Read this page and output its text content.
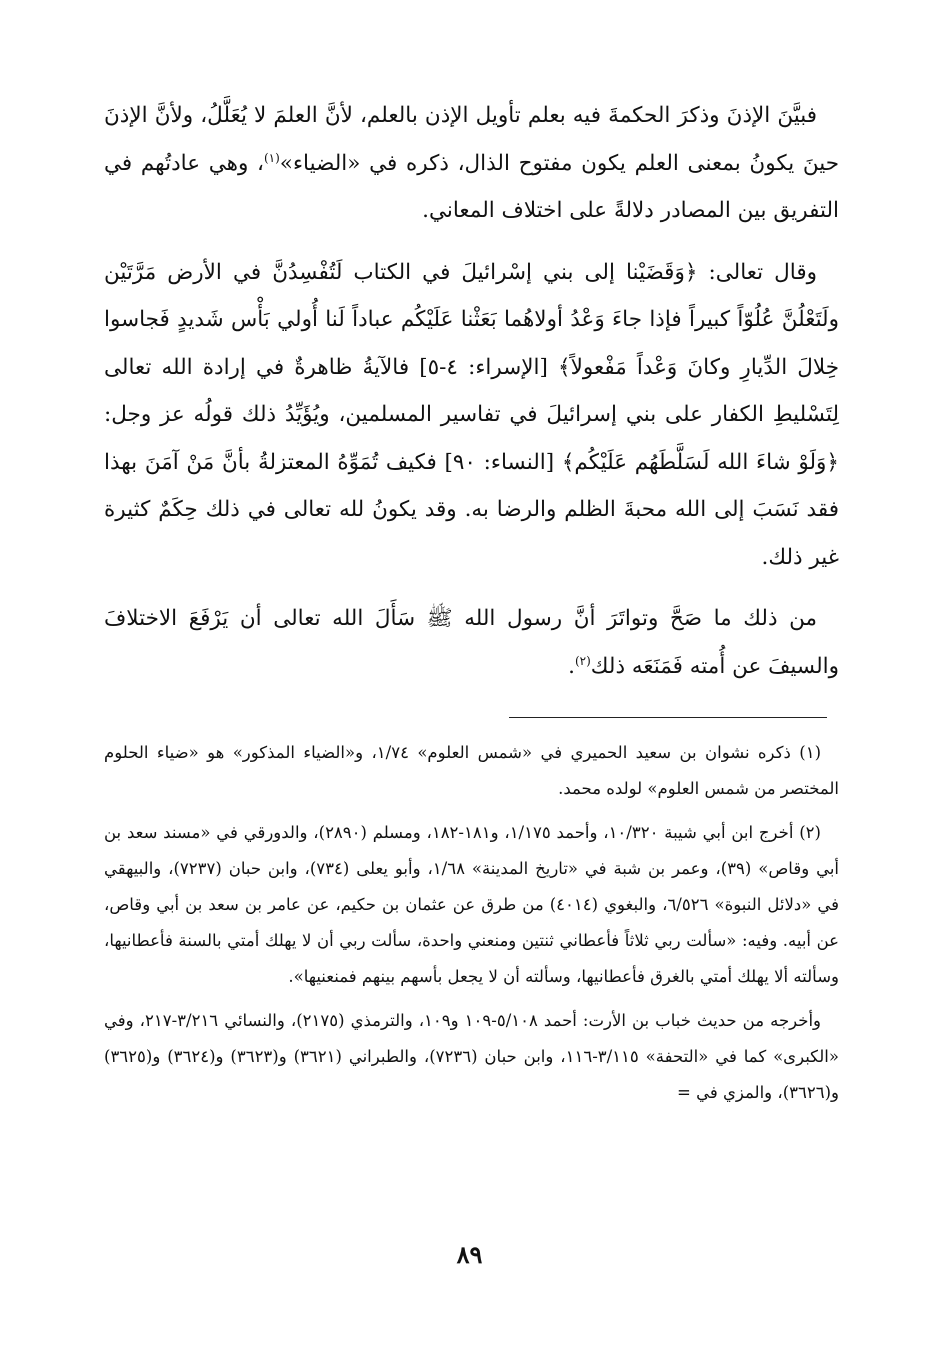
فبيَّنَ الإذنَ وذكرَ الحكمةَ فيه بعلم تأويل الإذن بالعلم، لأنَّ العلمَ لا يُعَلَّلُ، ولأنَّ الإذنَ حينَ يكونُ بمعنى العلم يكون مفتوح الذال، ذكره في «الضياء»$^{(١)}$، وهي عادتُهم في التفريق بين المصادر دلالةً على اختلاف المعاني.

وقال تعالى: ﴿وَقَضَيْنا إلى بني إسْرائيلَ في الكتاب لَتُفْسِدُنَّ في الأرض مَرَّتَيْن ولَتَعْلُنَّ عُلُوّاً كبيراً فإذا جاءَ وَعْدُ أولاهُما بَعَثْنا عَلَيْكُم عباداً لَنا أُولي بَأْس شَديدٍ فَجاسوا خِلالَ الدِّيارِ وكانَ وَعْداً مَفْعولاً﴾ [الإسراء: ٤-٥] فالآيةُ ظاهرةٌ في إرادة الله تعالى لِتَسْليطِ الكفار على بني إسرائيلَ في تفاسير المسلمين، ويُؤَيِّدُ ذلك قولُه عز وجل: ﴿وَلَوْ شاءَ الله لَسَلَّطَهُم عَلَيْكُم﴾ [النساء: ٩٠] فكيف تُمَوِّهُ المعتزلةُ بأنَّ مَنْ آمَنَ بهذا فقد نَسَبَ إلى الله محبةَ الظلم والرضا به. وقد يكونُ لله تعالى في ذلك حِكَمٌ كثيرة غير ذلك.

من ذلك ما صَحَّ وتواتَرَ أنَّ رسول الله ﷺ سَأَلَ الله تعالى أن يَرْفَعَ الاختلافَ والسيفَ عن أُمته فَمَنَعَه ذلك$^{(٢)}$.

(١) ذكره نشوان بن سعيد الحميري في «شمس العلوم» ١/٧٤، و«الضياء المذكور» هو «ضياء الحلوم المختصر من شمس العلوم» لولده محمد.

(٢) أخرج ابن أبي شيبة ١٠/٣٢٠، وأحمد ١/١٧٥، و١٨١-١٨٢، ومسلم (٢٨٩٠)، والدورقي في «مسند سعد بن أبي وقاص» (٣٩)، وعمر بن شبة في «تاريخ المدينة» ١/٦٨، وأبو يعلى (٧٣٤)، وابن حبان (٧٢٣٧)، والبيهقي في «دلائل النبوة» ٦/٥٢٦، والبغوي (٤٠١٤) من طرق عن عثمان بن حكيم، عن عامر بن سعد بن أبي وقاص، عن أبيه. وفيه: «سألت ربي ثلاثاً فأعطاني ثنتين ومنعني واحدة، سألت ربي أن لا يهلك أمتي بالسنة فأعطانيها، وسألته ألا يهلك أمتي بالغرق فأعطانيها، وسألته أن لا يجعل بأسهم بينهم فمنعنيها».

وأخرجه من حديث خباب بن الأرت: أحمد ٥/١٠٨-١٠٩ و١٠٩، والترمذي (٢١٧٥)، والنسائي ٣/٢١٦-٢١٧، وفي «الكبرى» كما في «التحفة» ٣/١١٥-١١٦، وابن حبان (٧٢٣٦)، والطبراني (٣٦٢١) و(٣٦٢٣) و(٣٦٢٤) و(٣٦٢٥) و(٣٦٢٦)، والمزي في =

٨٩
